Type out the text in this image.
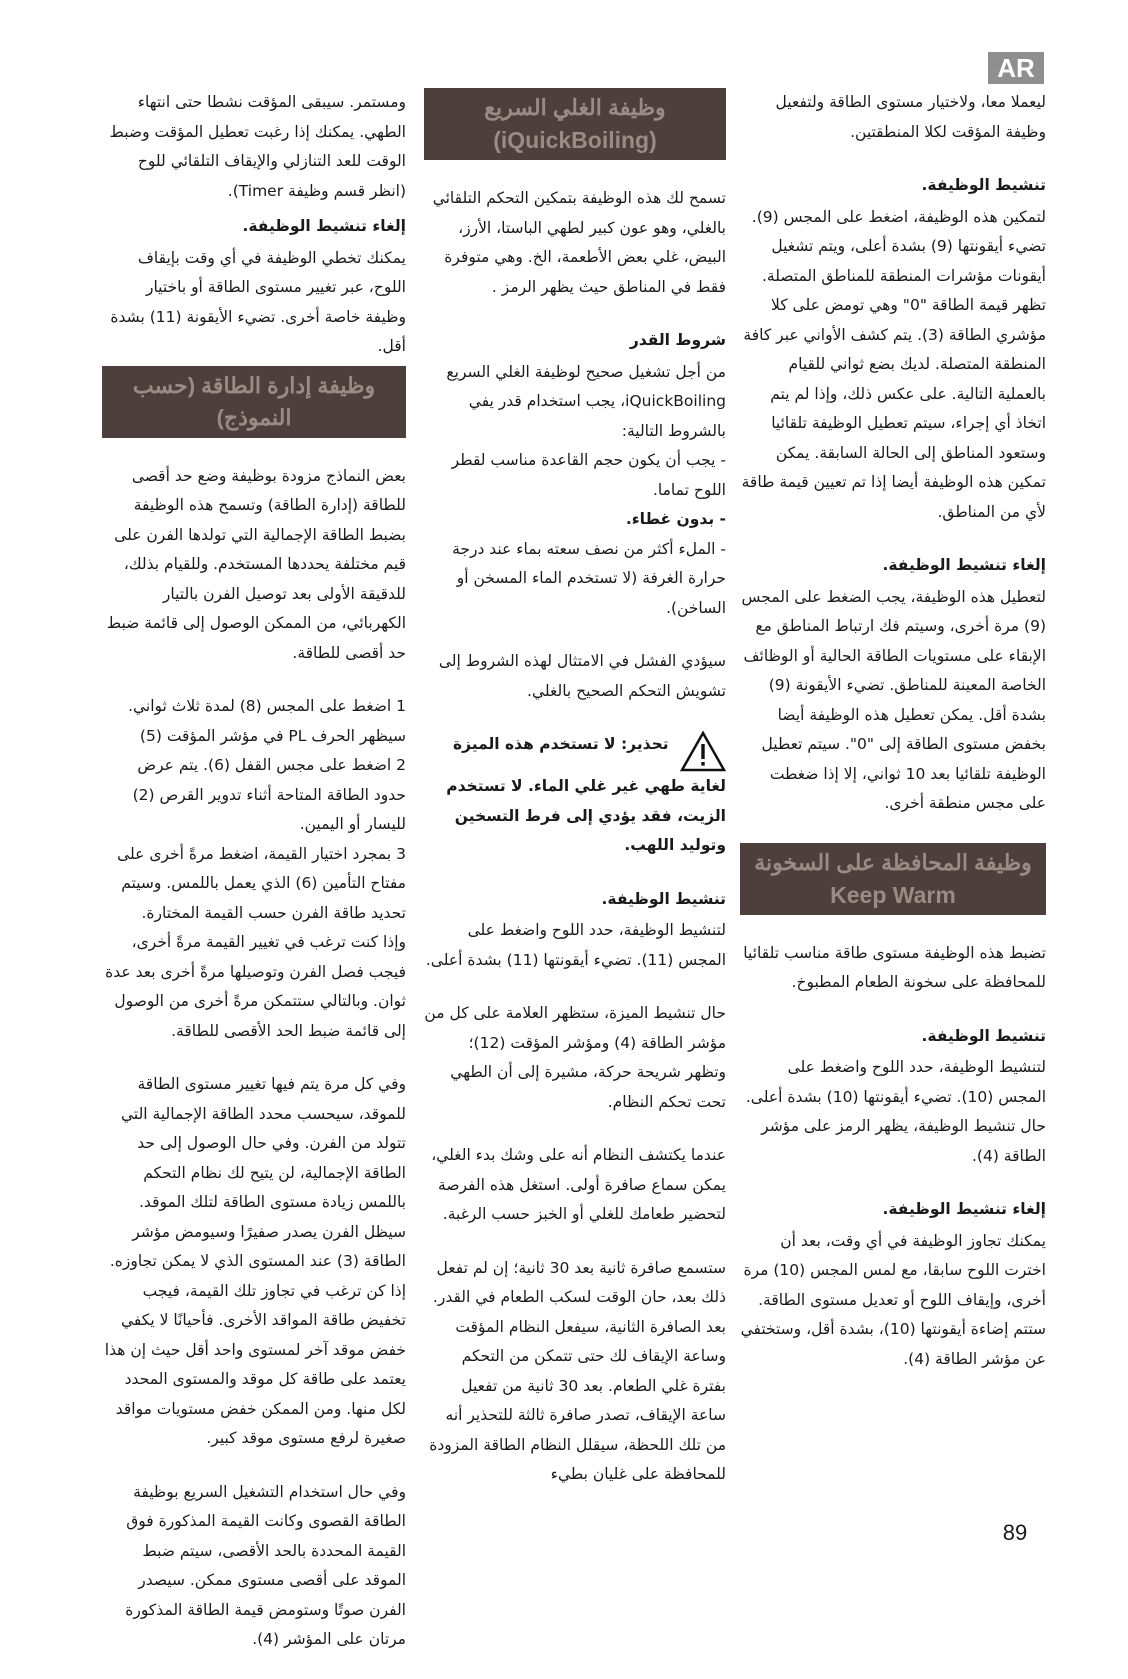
AR
ليعملا معا، ولاختيار مستوى الطاقة ولتفعيل وظيفة المؤقت لكلا المنطقتين.
تنشيط الوظيفة.
لتمكين هذه الوظيفة، اضغط على المجس (9). تضيء أيقونتها (9) بشدة أعلى، ويتم تشغيل أيقونات مؤشرات المنطقة للمناطق المتصلة. تظهر قيمة الطاقة "0" وهي تومض على كلا مؤشري الطاقة (3). يتم كشف الأواني عبر كافة المنطقة المتصلة. لديك بضع ثواني للقيام بالعملية التالية. على عكس ذلك، وإذا لم يتم اتخاذ أي إجراء، سيتم تعطيل الوظيفة تلقائيا وستعود المناطق إلى الحالة السابقة. يمكن تمكين هذه الوظيفة أيضا إذا تم تعيين قيمة طاقة لأي من المناطق.
إلغاء تنشيط الوظيفة.
لتعطيل هذه الوظيفة، يجب الضغط على المجس (9) مرة أخرى، وسيتم فك ارتباط المناطق مع الإبقاء على مستويات الطاقة الحالية أو الوظائف الخاصة المعينة للمناطق. تضيء الأيقونة (9) بشدة أقل. يمكن تعطيل هذه الوظيفة أيضا بخفض مستوى الطاقة إلى "0". سيتم تعطيل الوظيفة تلقائيا بعد 10 ثواني، إلا إذا ضغطت على مجس منطقة أخرى.
وظيفة المحافظة على السخونة
Keep Warm
تضبط هذه الوظيفة مستوى طاقة مناسب تلقائيا للمحافظة على سخونة الطعام المطبوخ.
تنشيط الوظيفة.
لتنشيط الوظيفة، حدد اللوح واضغط على المجس (10). تضيء أيقونتها (10) بشدة أعلى. حال تنشيط الوظيفة، يظهر الرمز على مؤشر الطاقة (4).
إلغاء تنشيط الوظيفة.
يمكنك تجاوز الوظيفة في أي وقت، بعد أن اخترت اللوح سابقا، مع لمس المجس (10) مرة أخرى، وإيقاف اللوح أو تعديل مستوى الطاقة. ستتم إضاءة أيقونتها (10)، بشدة أقل، وستختفي عن مؤشر الطاقة (4).
وظيفة الغلي السريع
(iQuickBoiling)
تسمح لك هذه الوظيفة بتمكين التحكم التلقائي بالغلي، وهو عون كبير لطهي الباستا، الأرز، البيض، غلي بعض الأطعمة، الخ. وهي متوفرة فقط في المناطق حيث يظهر الرمز .
شروط القدر
من أجل تشغيل صحيح لوظيفة الغلي السريع iQuickBoiling، يجب استخدام قدر يفي بالشروط التالية:
- يجب أن يكون حجم القاعدة مناسب لقطر اللوح تماما.
- بدون غطاء.
- الملء أكثر من نصف سعته بماء عند درجة حرارة الغرفة (لا تستخدم الماء المسخن أو الساخن).
سيؤدي الفشل في الامتثال لهذه الشروط إلى تشويش التحكم الصحيح بالغلي.
تحذير: لا تستخدم هذه الميزة لغاية طهي غير غلي الماء. لا تستخدم الزيت، فقد يؤدي إلى فرط التسخين وتوليد اللهب.
تنشيط الوظيفة.
لتنشيط الوظيفة، حدد اللوح واضغط على المجس (11). تضيء أيقونتها (11) بشدة أعلى.
حال تنشيط الميزة، ستظهر العلامة على كل من مؤشر الطاقة (4) ومؤشر المؤقت (12)؛ وتظهر شريحة حركة، مشيرة إلى أن الطهي تحت تحكم النظام.
عندما يكتشف النظام أنه على وشك بدء الغلي، يمكن سماع صافرة أولى. استغل هذه الفرصة لتحضير طعامك للغلي أو الخبز حسب الرغبة.
ستسمع صافرة ثانية بعد 30 ثانية؛ إن لم تفعل ذلك بعد، حان الوقت لسكب الطعام في القدر. بعد الصافرة الثانية، سيفعل النظام المؤقت وساعة الإيقاف لك حتى تتمكن من التحكم بفترة غلي الطعام. بعد 30 ثانية من تفعيل ساعة الإيقاف، تصدر صافرة ثالثة للتحذير أنه من تلك اللحظة، سيقلل النظام الطاقة المزودة للمحافظة على غليان بطيء
ومستمر. سيبقى المؤقت نشطا حتى انتهاء الطهي. يمكنك إذا رغبت تعطيل المؤقت وضبط الوقت للعد التنازلي والإيقاف التلقائي للوح (انظر قسم وظيفة Timer).
إلغاء تنشيط الوظيفة.
يمكنك تخطي الوظيفة في أي وقت بإيقاف اللوح، عبر تغيير مستوى الطاقة أو باختيار وظيفة خاصة أخرى. تضيء الأيقونة (11) بشدة أقل.
وظيفة إدارة الطاقة (حسب النموذج)
بعض النماذج مزودة بوظيفة وضع حد أقصى للطاقة (إدارة الطاقة) وتسمح هذه الوظيفة بضبط الطاقة الإجمالية التي تولدها الفرن على قيم مختلفة يحددها المستخدم. وللقيام بذلك، للدقيقة الأولى بعد توصيل الفرن بالتيار الكهربائي، من الممكن الوصول إلى قائمة ضبط حد أقصى للطاقة.
1 اضغط على المجس (8) لمدة ثلاث ثواني. سيظهر الحرف PL في مؤشر المؤقت (5)
2 اضغط على مجس القفل (6). يتم عرض حدود الطاقة المتاحة أثناء تدوير القرص (2) لليسار أو اليمين.
3 بمجرد اختيار القيمة، اضغط مرةً أخرى على مفتاح التأمين (6) الذي يعمل باللمس. وسيتم تحديد طاقة الفرن حسب القيمة المختارة.
وإذا كنت ترغب في تغيير القيمة مرةً أخرى، فيجب فصل الفرن وتوصيلها مرةً أخرى بعد عدة ثوان. وبالتالي ستتمكن مرةً أخرى من الوصول إلى قائمة ضبط الحد الأقصى للطاقة.
وفي كل مرة يتم فيها تغيير مستوى الطاقة للموقد، سيحسب محدد الطاقة الإجمالية التي تتولد من الفرن. وفي حال الوصول إلى حد الطاقة الإجمالية، لن يتيح لك نظام التحكم باللمس زيادة مستوى الطاقة لتلك الموقد. سيظل الفرن يصدر صفيرًا وسيومض مؤشر الطاقة (3) عند المستوى الذي لا يمكن تجاوزه. إذا كن ترغب في تجاوز تلك القيمة، فيجب تخفيض طاقة المواقد الأخرى. فأحيانًا لا يكفي خفض موقد آخر لمستوى واحد أقل حيث إن هذا يعتمد على طاقة كل موقد والمستوى المحدد لكل منها. ومن الممكن خفض مستويات مواقد صغيرة لرفع مستوى موقد كبير.
وفي حال استخدام التشغيل السريع بوظيفة الطاقة القصوى وكانت القيمة المذكورة فوق القيمة المحددة بالحد الأقصى، سيتم ضبط الموقد على أقصى مستوى ممكن. سيصدر الفرن صوتًا وستومض قيمة الطاقة المذكورة مرتان على المؤشر (4).
89
